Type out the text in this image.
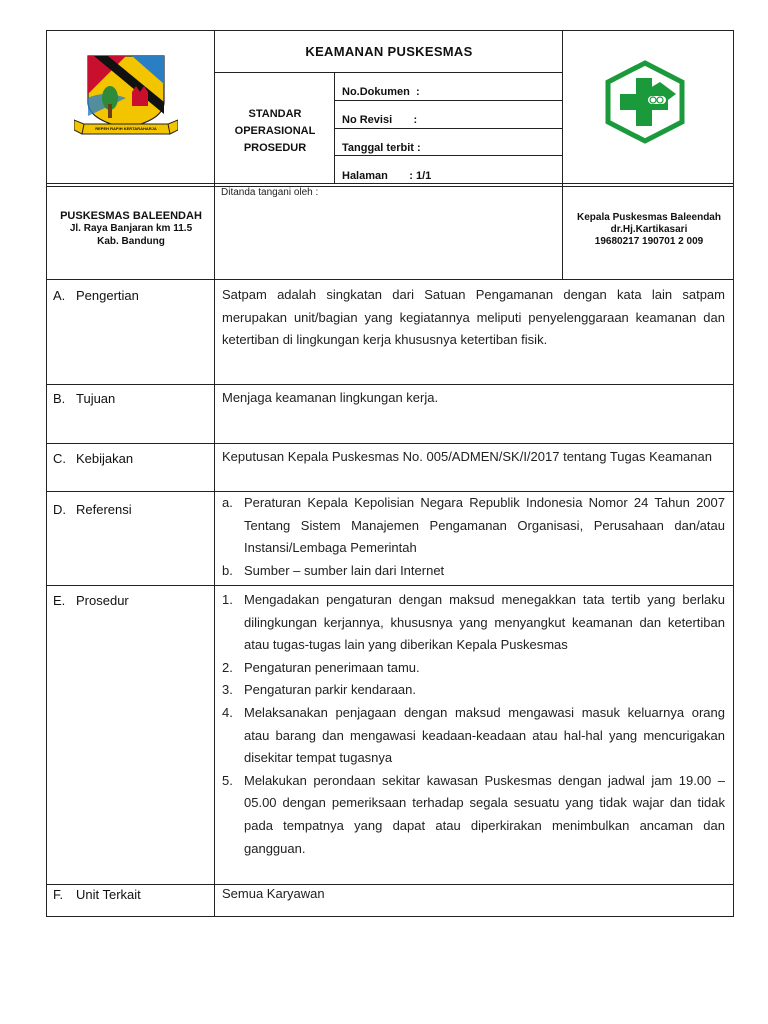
REPEH RAPIH KERTARAHARJA
KEAMANAN PUSKESMAS
STANDAR
OPERASIONAL
PROSEDUR
No.Dokumen  :
No Revisi       :
Tanggal terbit :
Halaman       : 1/1
PUSKESMAS BALEENDAH
Jl. Raya Banjaran km 11.5
Kab. Bandung
Ditanda tangani oleh :
Kepala Puskesmas Baleendah
dr.Hj.Kartikasari
19680217 190701 2 009
A. Pengertian	Satpam adalah singkatan dari Satuan Pengamanan dengan kata lain satpam merupakan unit/bagian yang kegiatannya meliputi penyelenggaraan keamanan dan ketertiban di lingkungan kerja khususnya ketertiban fisik.
B. Tujuan	Menjaga keamanan lingkungan kerja.
C. Kebijakan	Keputusan Kepala Puskesmas No. 005/ADMEN/SK/I/2017 tentang Tugas Keamanan
D. Referensi	a. Peraturan Kepala Kepolisian Negara Republik Indonesia Nomor 24 Tahun 2007 Tentang Sistem Manajemen Pengamanan Organisasi, Perusahaan dan/atau Instansi/Lembaga Pemerintah
b. Sumber – sumber lain dari Internet
E. Prosedur	1. Mengadakan pengaturan dengan maksud menegakkan tata tertib yang berlaku dilingkungan kerjannya, khususnya yang menyangkut keamanan dan ketertiban atau tugas-tugas lain yang diberikan Kepala Puskesmas
2. Pengaturan penerimaan tamu.
3. Pengaturan parkir kendaraan.
4. Melaksanakan penjagaan dengan maksud mengawasi masuk keluarnya orang atau barang dan mengawasi keadaan-keadaan atau hal-hal yang mencurigakan disekitar tempat tugasnya
5. Melakukan perondaan sekitar kawasan Puskesmas dengan jadwal jam 19.00 – 05.00 dengan pemeriksaan terhadap segala sesuatu yang tidak wajar dan tidak pada tempatnya yang dapat atau diperkirakan menimbulkan ancaman dan gangguan.
F. Unit Terkait	Semua Karyawan
